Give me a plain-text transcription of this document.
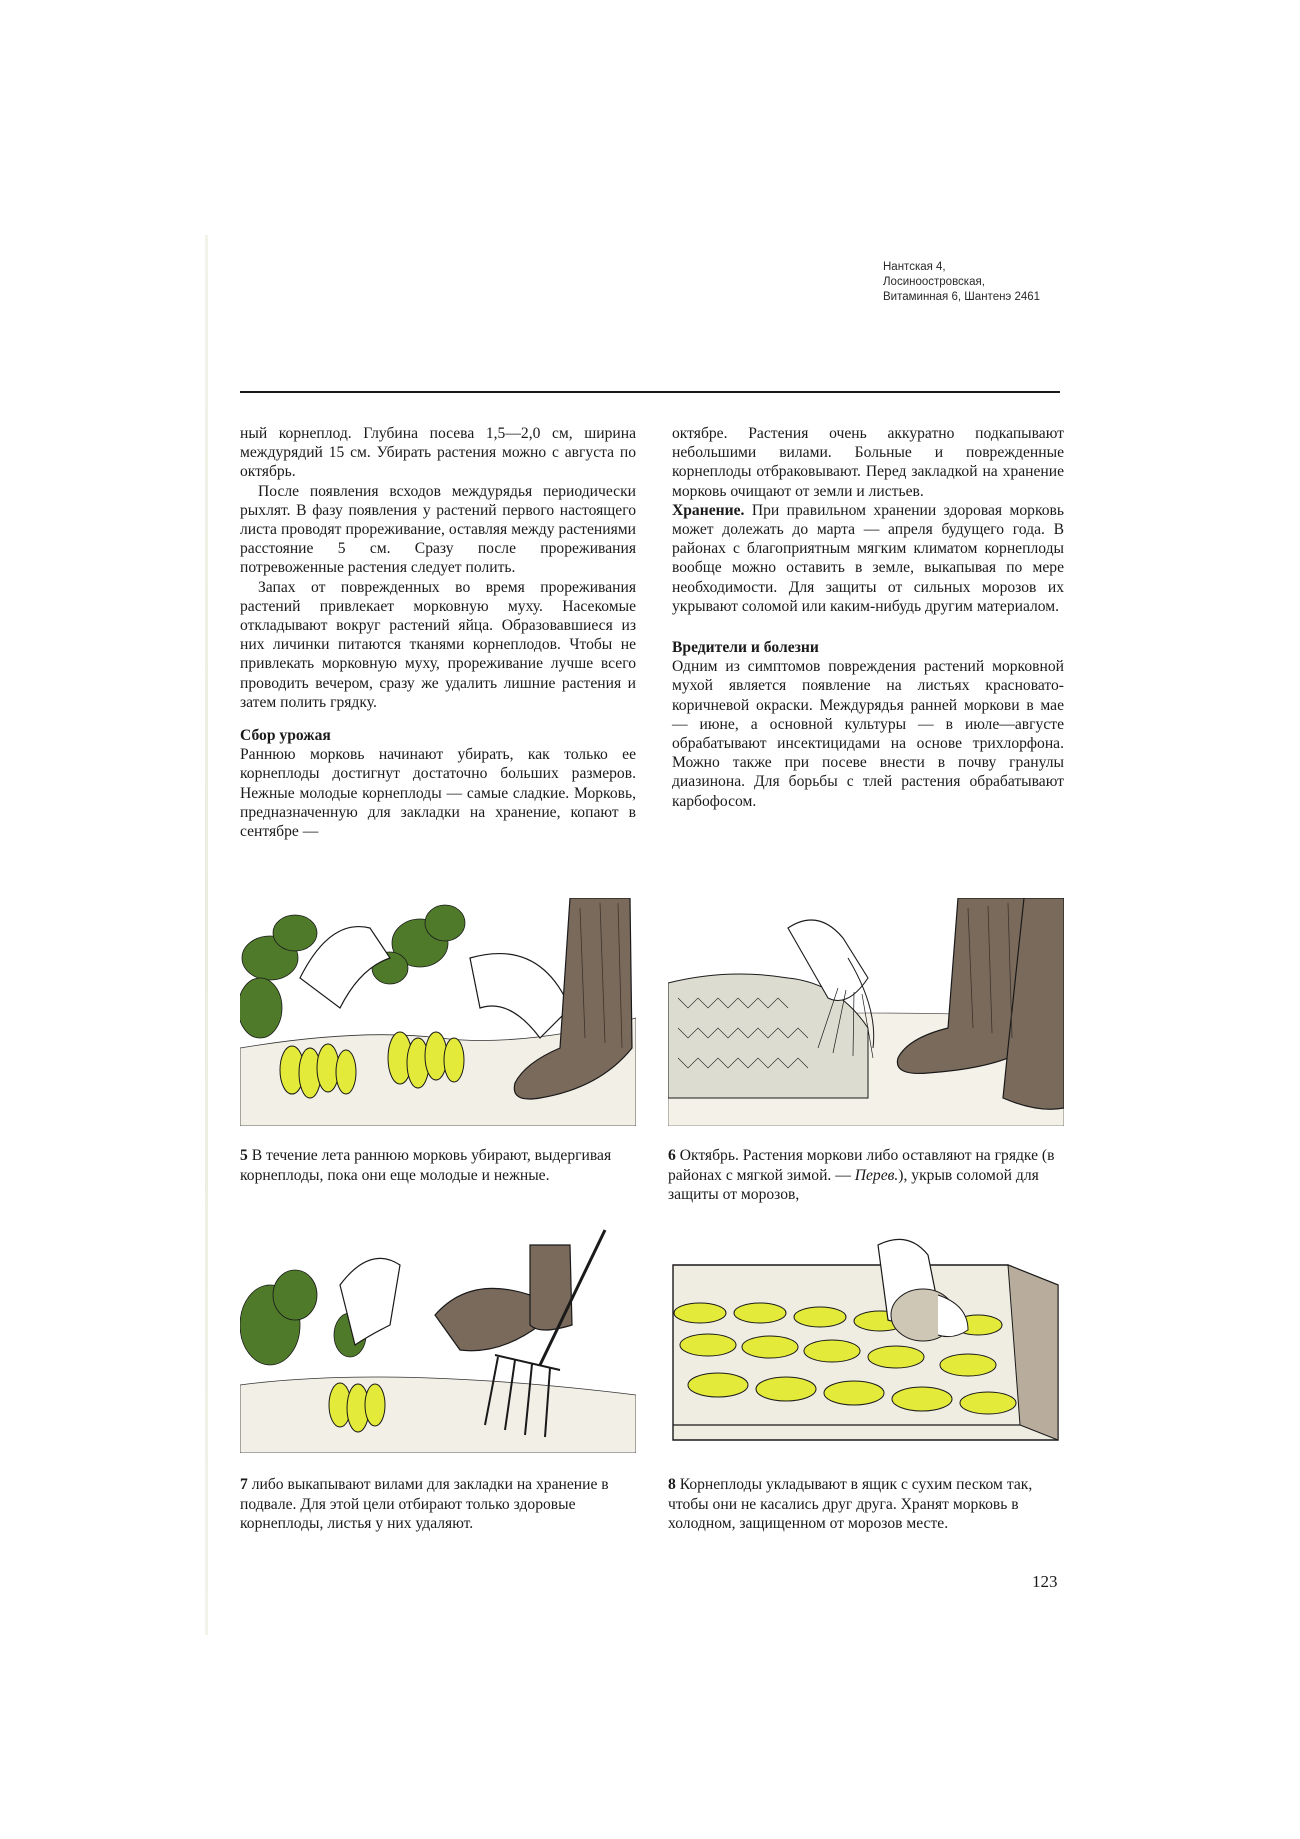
Нантская 4,
Лосиноостровская,
Витаминная 6, Шантенэ 2461

ный корнеплод. Глубина посева 1,5—2,0 см, ширина междурядий 15 см. Убирать растения можно с августа по октябрь.

После появления всходов междурядья периодически рыхлят. В фазу появления у растений первого настоящего листа проводят прореживание, оставляя между растениями расстояние 5 см. Сразу после прореживания потревоженные растения следует полить.

Запах от поврежденных во время прореживания растений привлекает морковную муху. Насекомые откладывают вокруг растений яйца. Образовавшиеся из них личинки питаются тканями корнеплодов. Чтобы не привлекать морковную муху, прореживание лучше всего проводить вечером, сразу же удалить лишние растения и затем полить грядку.

Сбор урожая

Раннюю морковь начинают убирать, как только ее корнеплоды достигнут достаточно больших размеров. Нежные молодые корнеплоды — самые сладкие. Морковь, предназначенную для закладки на хранение, копают в сентябре —

октябре. Растения очень аккуратно подкапывают небольшими вилами. Больные и поврежденные корнеплоды отбраковывают. Перед закладкой на хранение морковь очищают от земли и листьев.

Хранение. При правильном хранении здоровая морковь может долежать до марта — апреля будущего года. В районах с благоприятным мягким климатом корнеплоды вообще можно оставить в земле, выкапывая по мере необходимости. Для защиты от сильных морозов их укрывают соломой или каким-нибудь другим материалом.

Вредители и болезни

Одним из симптомов повреждения растений морковной мухой является появление на листьях красновато-коричневой окраски. Междурядья ранней моркови в мае — июне, а основной культуры — в июле—августе обрабатывают инсектицидами на основе трихлорфона. Можно также при посеве внести в почву гранулы диазинона. Для борьбы с тлей растения обрабатывают карбофосом.

5 В течение лета раннюю морковь убирают, выдергивая корнеплоды, пока они еще молодые и нежные.
6 Октябрь. Растения моркови либо оставляют на грядке (в районах с мягкой зимой. — Перев.), укрыв соломой для защиты от морозов,
7 либо выкапывают вилами для закладки на хранение в подвале. Для этой цели отбирают только здоровые корнеплоды, листья у них удаляют.
8 Корнеплоды укладывают в ящик с сухим песком так, чтобы они не касались друг друга. Хранят морковь в холодном, защищенном от морозов месте.
123
